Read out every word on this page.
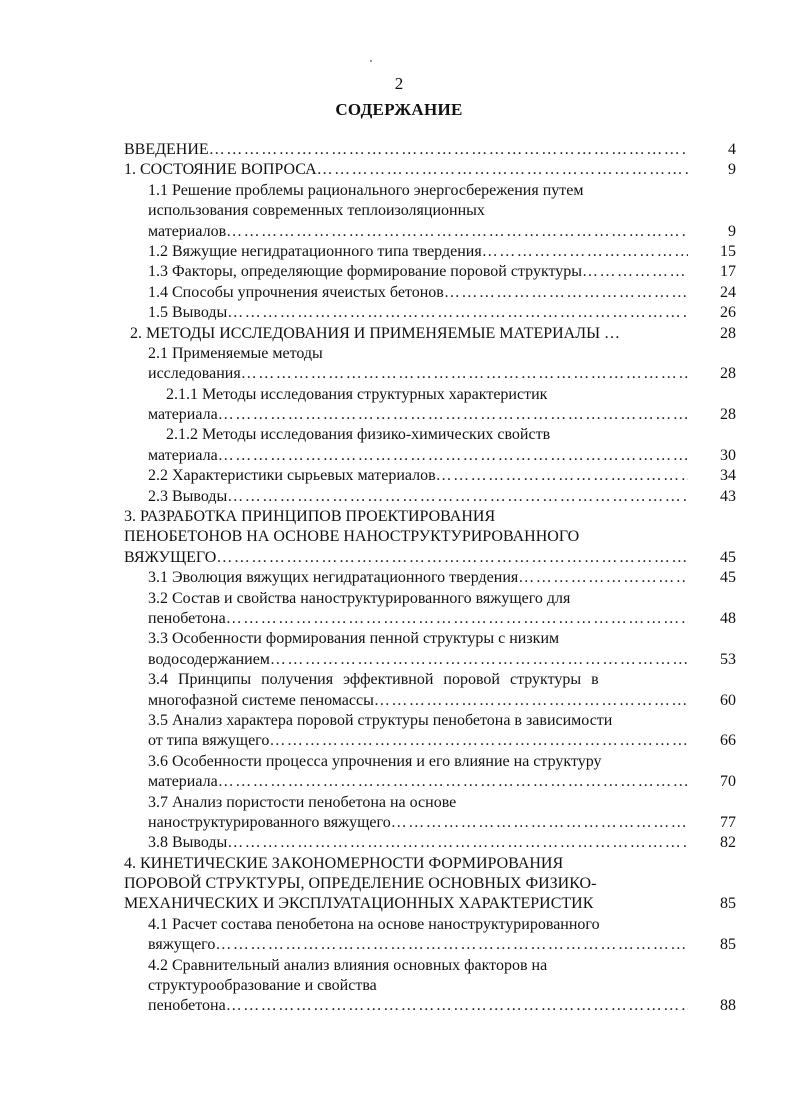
2
СОДЕРЖАНИЕ
ВВЕДЕНИЕ ………………………………………………………………………………………………………………………………………………………	4
1. СОСТОЯНИЕ ВОПРОСА ………………………………………………………………………………………………………………………………………………………	9
1.1 Решение проблемы рационального энергосбережения путем
использования современных теплоизоляционных
материалов ………………………………………………………………………………………………………………………………………………………	9
1.2 Вяжущие негидратационного типа твердения ………………………………………………………………………………………………………………………………………………………	15
1.3 Факторы, определяющие формирование поровой структуры ………………………………………………………………………………………………………………………………………………………	17
1.4 Способы упрочнения ячеистых бетонов ………………………………………………………………………………………………………………………………………………………	24
1.5 Выводы ………………………………………………………………………………………………………………………………………………………	26
2. МЕТОДЫ ИССЛЕДОВАНИЯ И ПРИМЕНЯЕМЫЕ МАТЕРИАЛЫ …	28
2.1 Применяемые методы
исследования ………………………………………………………………………………………………………………………………………………………	28
2.1.1 Методы исследования структурных характеристик
материала ………………………………………………………………………………………………………………………………………………………	28
2.1.2 Методы исследования физико-химических свойств
материала ………………………………………………………………………………………………………………………………………………………	30
2.2 Характеристики сырьевых материалов ………………………………………………………………………………………………………………………………………………………	34
2.3 Выводы ………………………………………………………………………………………………………………………………………………………	43
3. РАЗРАБОТКА ПРИНЦИПОВ ПРОЕКТИРОВАНИЯ
ПЕНОБЕТОНОВ НА ОСНОВЕ НАНОСТРУКТУРИРОВАННОГО
ВЯЖУЩЕГО ………………………………………………………………………………………………………………………………………………………	45
3.1 Эволюция вяжущих негидратационного твердения ………………………………………………………………………………………………………………………………………………………	45
3.2 Состав и свойства наноструктурированного вяжущего для
пенобетона ………………………………………………………………………………………………………………………………………………………	48
3.3 Особенности формирования пенной структуры с низким
водосодержанием ………………………………………………………………………………………………………………………………………………………	53
3.4 Принципы получения эффективной поровой структуры в
многофазной системе пеномассы ………………………………………………………………………………………………………………………………………………………	60
3.5 Анализ характера поровой структуры пенобетона в зависимости
от типа вяжущего ………………………………………………………………………………………………………………………………………………………	66
3.6 Особенности процесса упрочнения и его влияние на структуру
материала ………………………………………………………………………………………………………………………………………………………	70
3.7 Анализ пористости пенобетона на основе
наноструктурированного вяжущего ………………………………………………………………………………………………………………………………………………………	77
3.8 Выводы ………………………………………………………………………………………………………………………………………………………	82
4. КИНЕТИЧЕСКИЕ ЗАКОНОМЕРНОСТИ ФОРМИРОВАНИЯ
ПОРОВОЙ СТРУКТУРЫ, ОПРЕДЕЛЕНИЕ ОСНОВНЫХ ФИЗИКО-
МЕХАНИЧЕСКИХ И ЭКСПЛУАТАЦИОННЫХ ХАРАКТЕРИСТИК	85
4.1 Расчет состава пенобетона на основе наноструктурированного
вяжущего ………………………………………………………………………………………………………………………………………………………	85
4.2 Сравнительный анализ влияния основных факторов на
структурообразование и свойства
пенобетона ………………………………………………………………………………………………………………………………………………………	88
